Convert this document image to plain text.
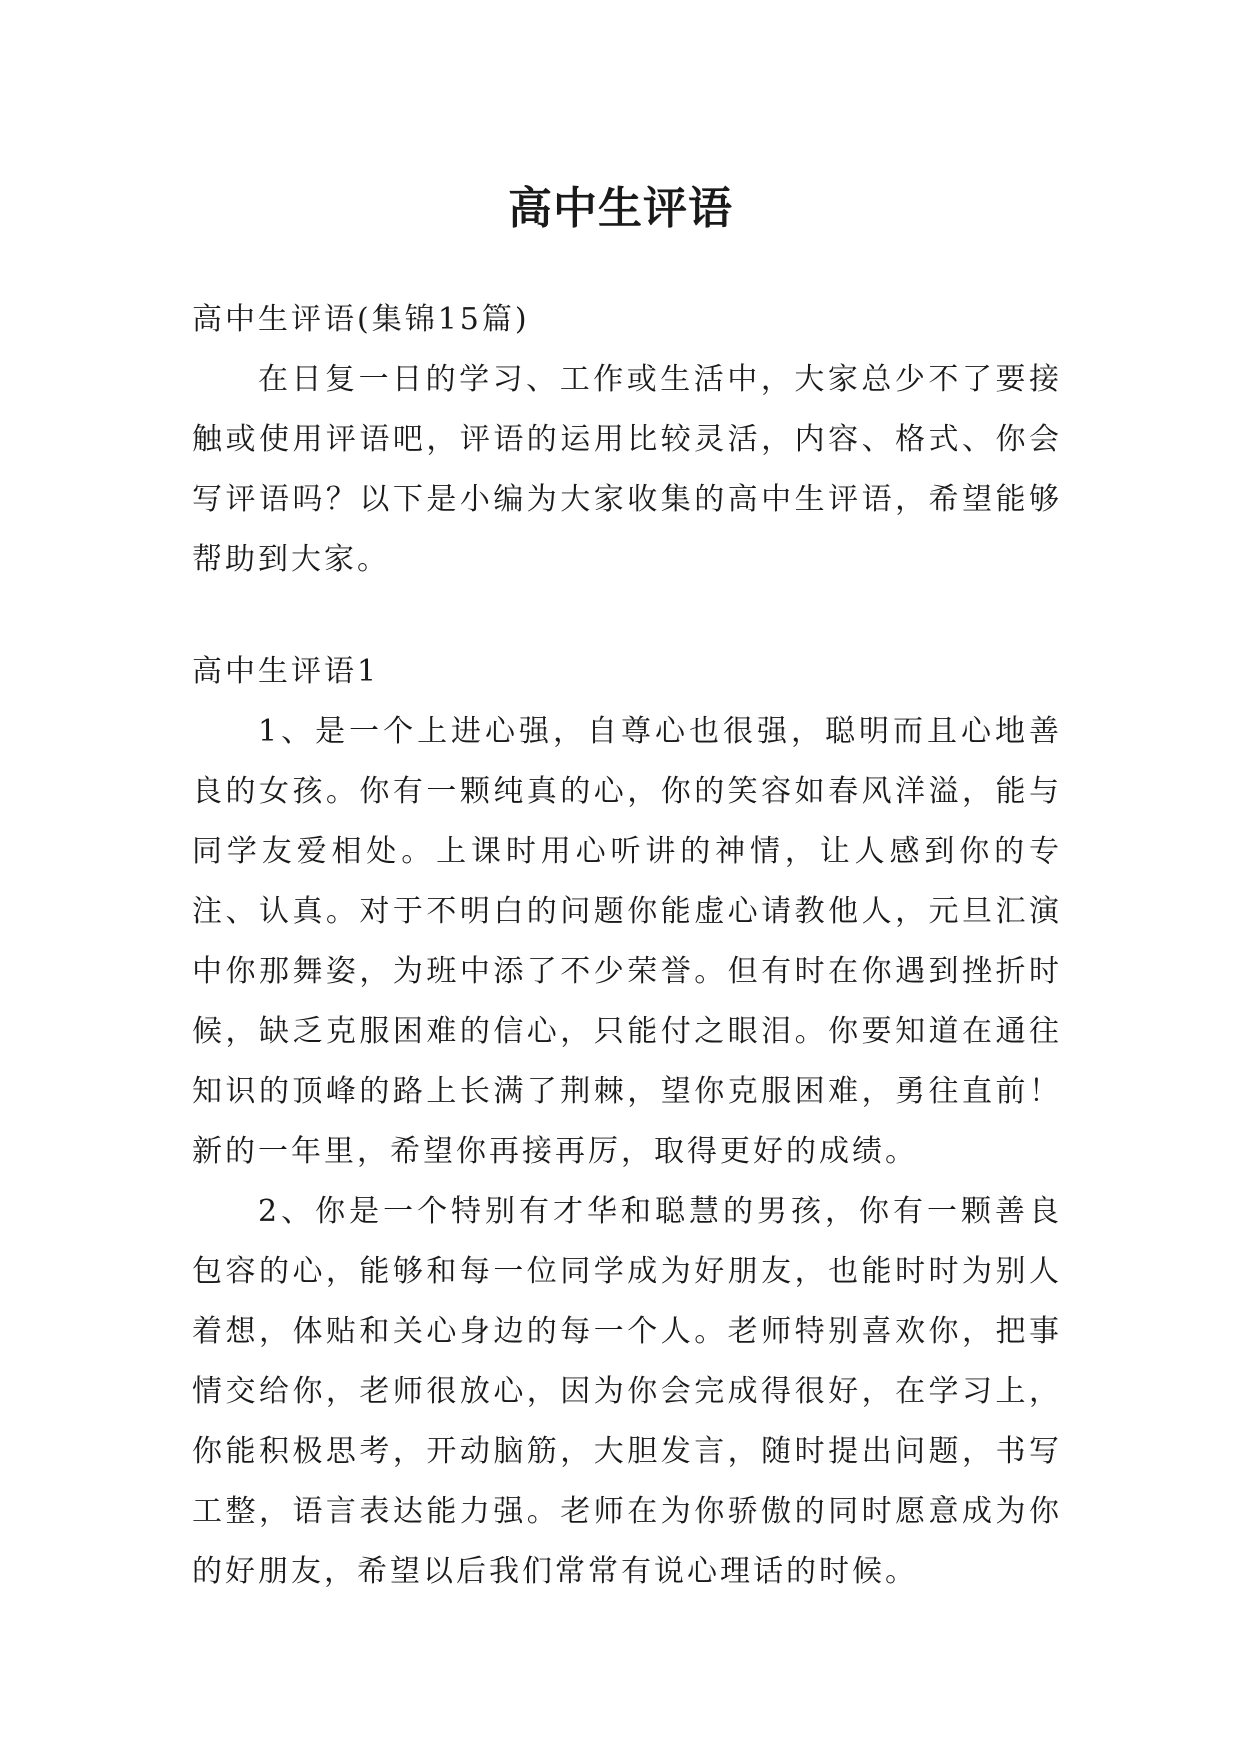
高中生评语

高中生评语(集锦15篇)

在日复一日的学习、工作或生活中，大家总少不了要接触或使用评语吧，评语的运用比较灵活，内容、格式、你会写评语吗？以下是小编为大家收集的高中生评语，希望能够帮助到大家。

高中生评语1

1、是一个上进心强，自尊心也很强，聪明而且心地善良的女孩。你有一颗纯真的心，你的笑容如春风洋溢，能与同学友爱相处。上课时用心听讲的神情，让人感到你的专注、认真。对于不明白的问题你能虚心请教他人，元旦汇演中你那舞姿，为班中添了不少荣誉。但有时在你遇到挫折时候，缺乏克服困难的信心，只能付之眼泪。你要知道在通往知识的顶峰的路上长满了荆棘，望你克服困难，勇往直前！新的一年里，希望你再接再厉，取得更好的成绩。

2、你是一个特别有才华和聪慧的男孩，你有一颗善良包容的心，能够和每一位同学成为好朋友，也能时时为别人着想，体贴和关心身边的每一个人。老师特别喜欢你，把事情交给你，老师很放心，因为你会完成得很好，在学习上，你能积极思考，开动脑筋，大胆发言，随时提出问题，书写工整，语言表达能力强。老师在为你骄傲的同时愿意成为你的好朋友，希望以后我们常常有说心理话的时候。
